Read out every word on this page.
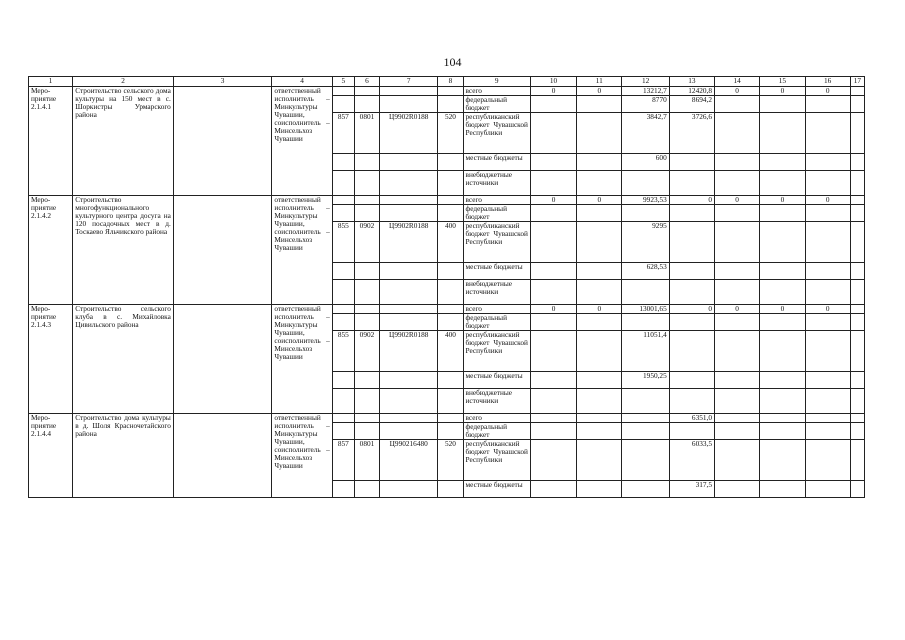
104
1	2	3	4	5	6	7	8	9	10	11	12	13	14	15	16	17
Меро-приятие 2.1.4.1	Строительство сельского дома культуры на 150 мест в с. Шоркистры Урмарского района		ответственный исполнитель – Минкультуры Чувашии, соисполнитель – Минсельхоз Чувашии					всего	0	0	13212,7	12420,8	0	0	0	
								федеральный бюджет			8770	8694,2				
				857	0801	Ц9902R0188	520	республиканский бюджет Чувашской Республики			3842,7	3726,6				
								местные бюджеты			600					
								внебюджетные источники								
Меро-приятие 2.1.4.2	Строительство многофункционального культурного центра досуга на 120 посадочных мест в д. Тоскаево Яльчикского района		ответственный исполнитель – Минкультуры Чувашии, соисполнитель – Минсельхоз Чувашии					всего	0	0	9923,53	0	0	0	0	
								федеральный бюджет								
				855	0902	Ц9902R0188	400	республиканский бюджет Чувашской Республики			9295					
								местные бюджеты			628,53					
								внебюджетные источники								
Меро-приятие 2.1.4.3	Строительство сельского клуба в с. Михайловка Цивильского района		ответственный исполнитель – Минкультуры Чувашии, соисполнитель – Минсельхоз Чувашии					всего	0	0	13001,65	0	0	0	0	
								федеральный бюджет								
				855	0902	Ц9902R0188	400	республиканский бюджет Чувашской Республики			11051,4					
								местные бюджеты			1950,25					
								внебюджетные источники								
Меро-приятие 2.1.4.4	Строительство дома культуры в д. Шоля Красночетайского района		ответственный исполнитель – Минкультуры Чувашии, соисполнитель – Минсельхоз Чувашии					всего				6351,0				
								федеральный бюджет								
				857	0801	Ц990216480	520	республиканский бюджет Чувашской Республики				6033,5				
								местные бюджеты				317,5				
